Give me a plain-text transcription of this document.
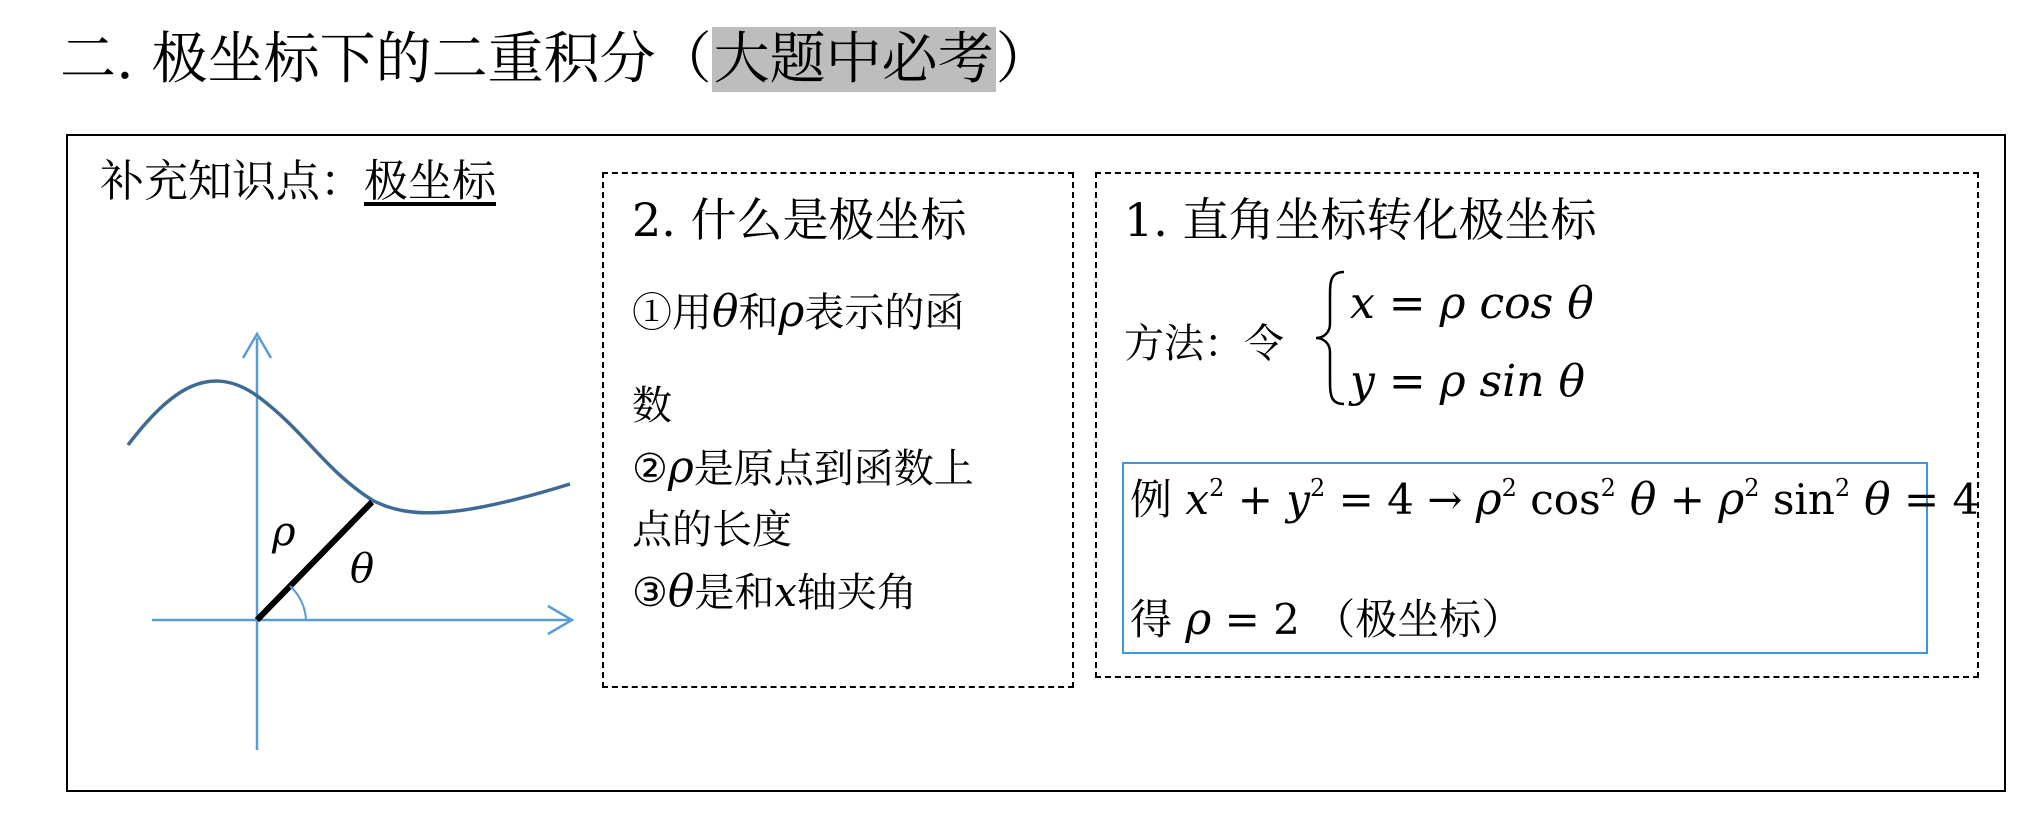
二. 极坐标下的二重积分（大题中必考）
补充知识点：极坐标
ρ
θ
2. 什么是极坐标
①用θ和ρ表示的函
数
②ρ是原点到函数上
点的长度
③θ是和x轴夹角
1. 直角坐标转化极坐标
方法：令
x = ρ cos θ
y = ρ sin θ
例 $x^2 + y^2 = 4 \to \rho^2$ $\cos^2 \theta + \rho^2$ $\sin^2 \theta = 4$
得 ρ = 2 （极坐标）
